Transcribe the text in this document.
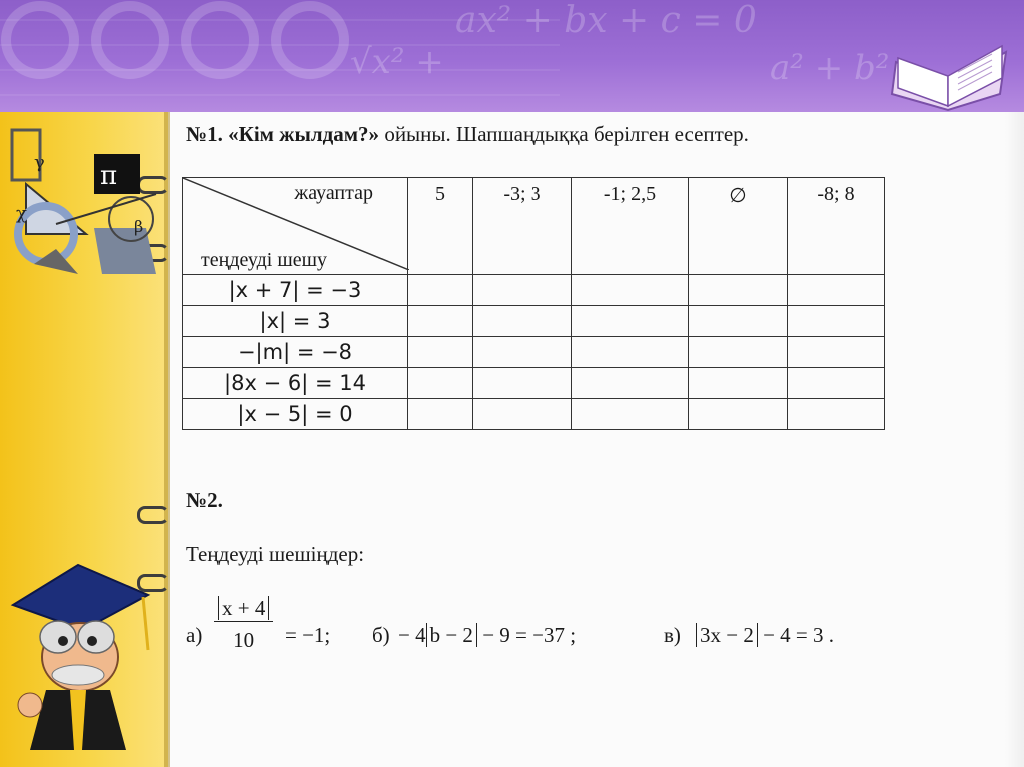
√x² +
ax² + bx + c = 0
a² + b²
π
χ
γ
β
№1. «Кім жылдам?» ойыны. Шапшаңдыққа берілген есептер.
жауаптар
теңдеуді шешу	5	-3; 3	-1; 2,5	∅	-8; 8
|x + 7| = −3					
|x| = 3					
−|m| = −8					
|8x − 6| = 14					
|x − 5| = 0					
№2.
Теңдеуді шешіңдер:
а)	= −1; б) − 4 b − 2 − 9 = −37 ;	в) 3x − 2 − 4 = 3 .
$\frac{x + 4}{10}$
